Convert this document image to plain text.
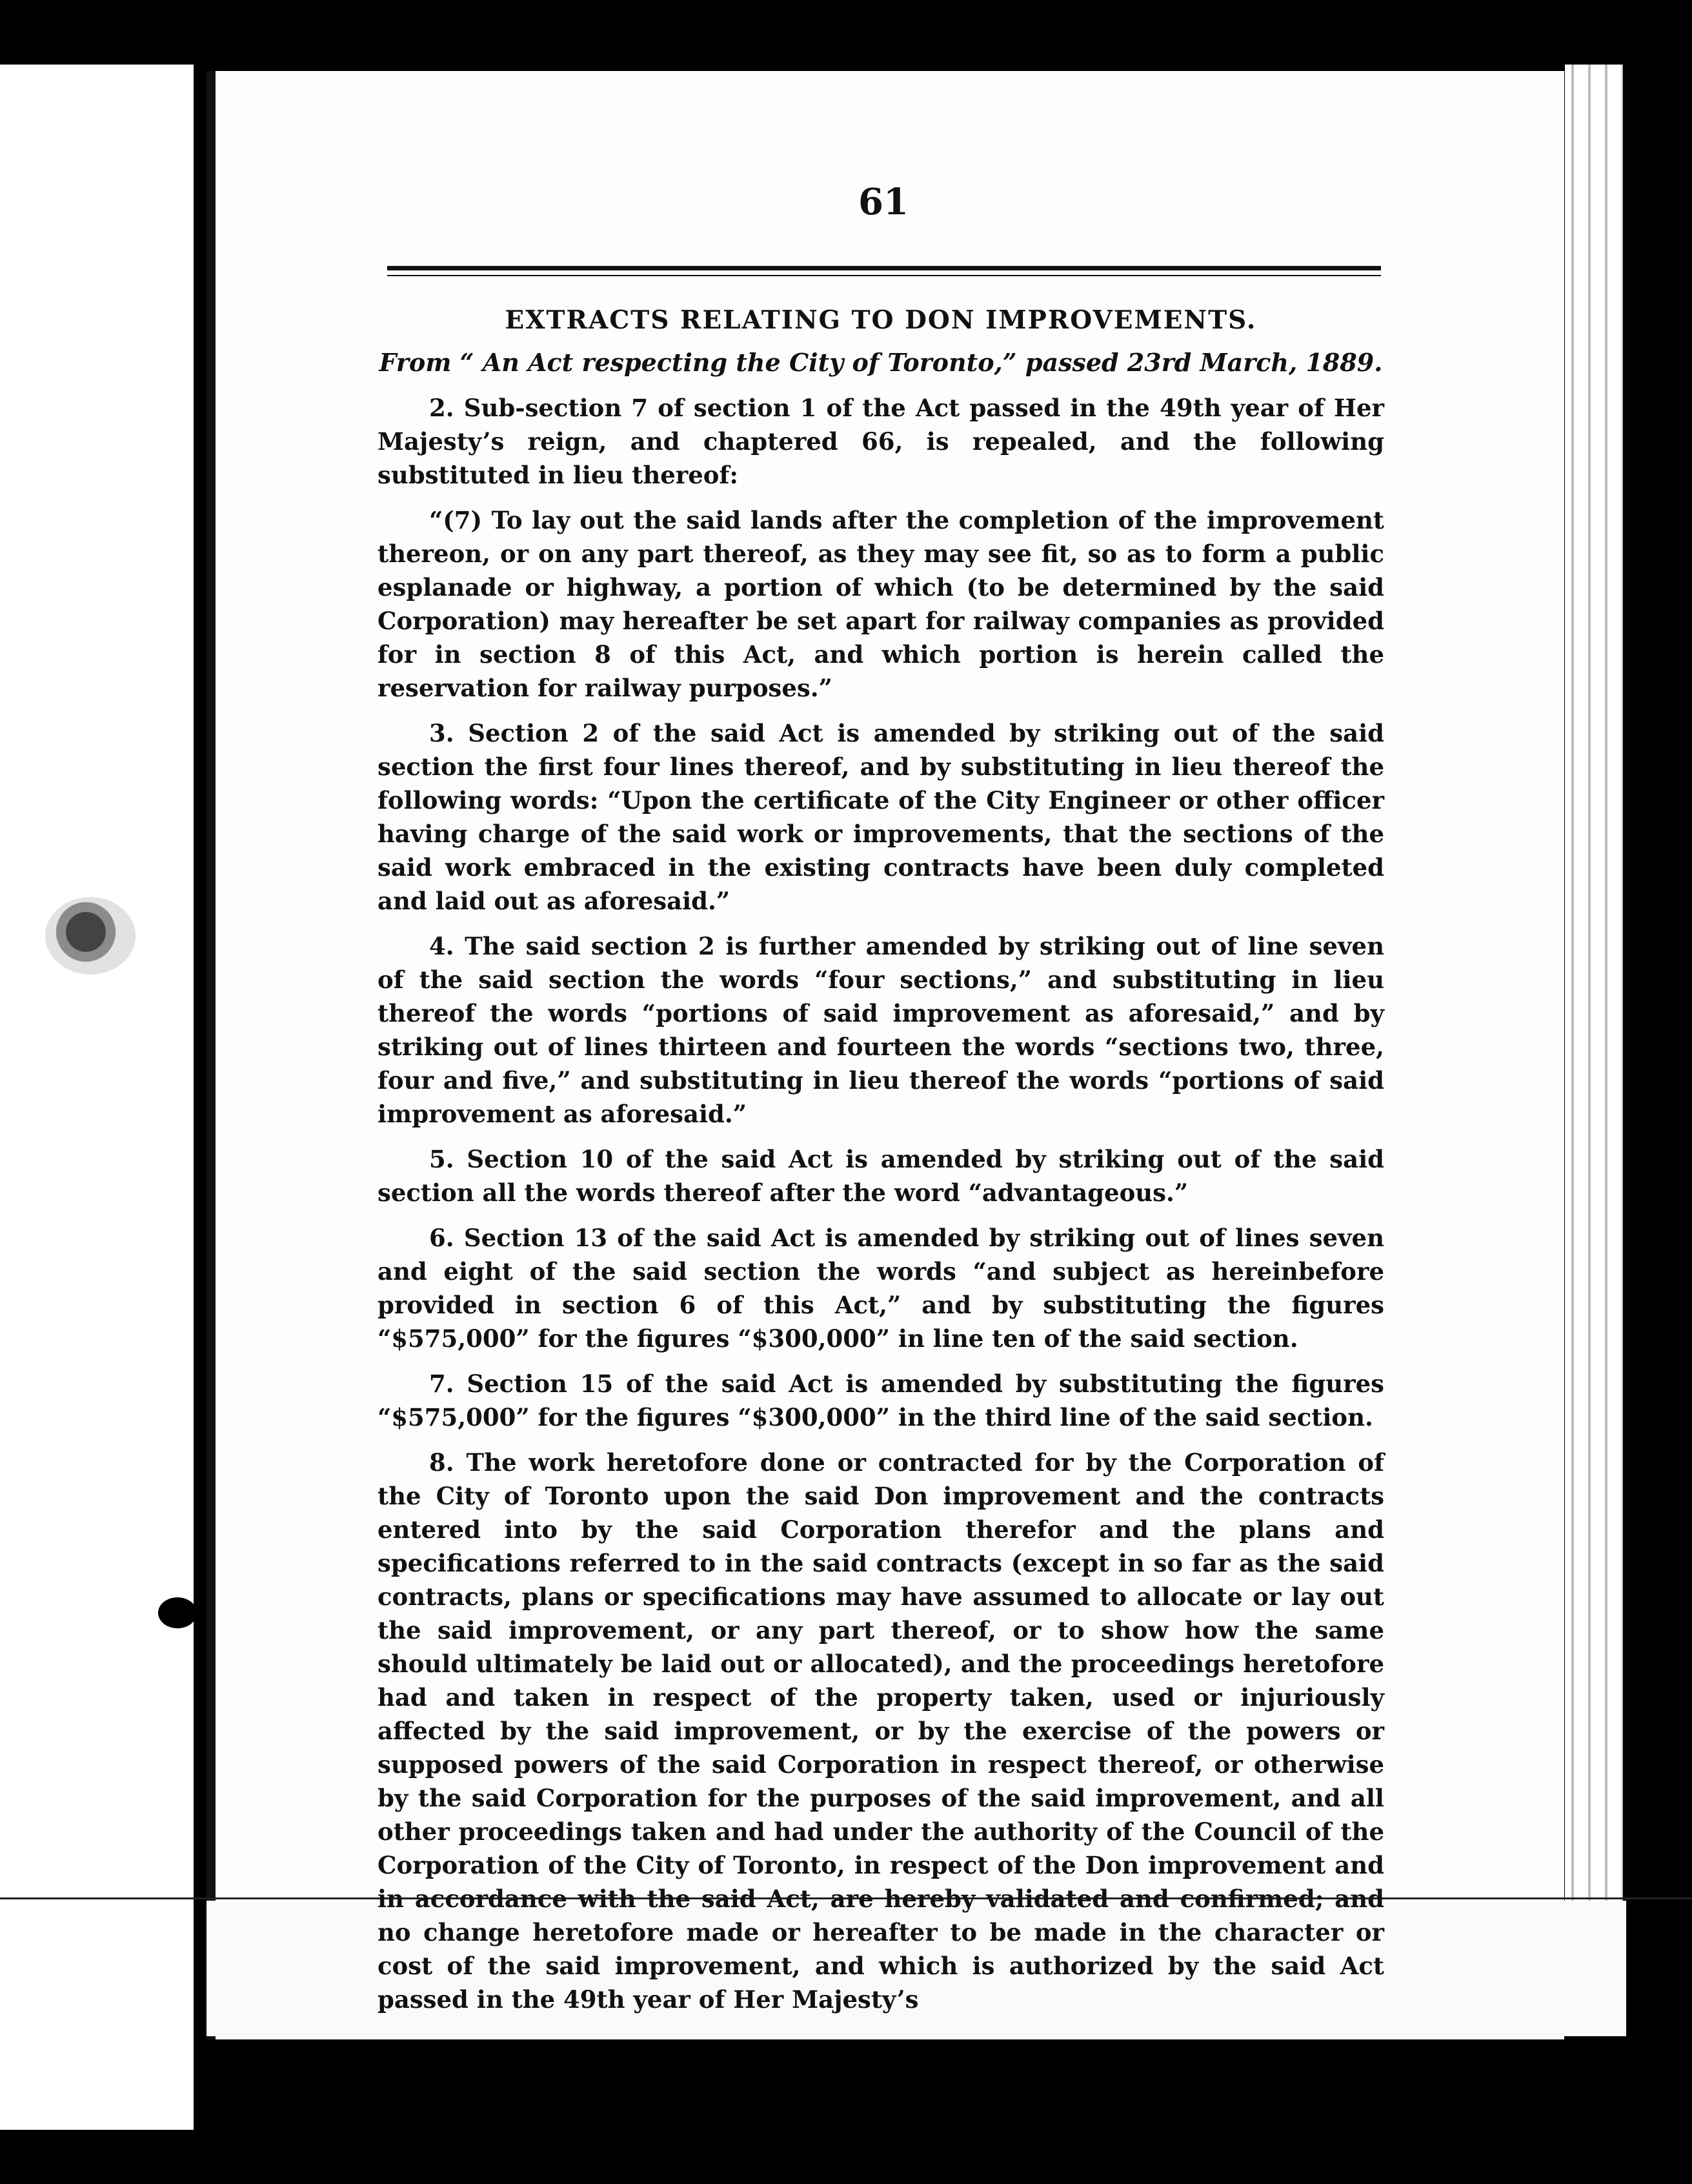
61
EXTRACTS RELATING TO DON IMPROVEMENTS.
From “ An Act respecting the City of Toronto,” passed 23rd March, 1889.

2. Sub-section 7 of section 1 of the Act passed in the 49th year of Her Majesty’s reign, and chaptered 66, is repealed, and the following substituted in lieu thereof:

“(7) To lay out the said lands after the completion of the improvement thereon, or on any part thereof, as they may see fit, so as to form a public esplanade or highway, a portion of which (to be determined by the said Corporation) may hereafter be set apart for railway companies as provided for in section 8 of this Act, and which portion is herein called the reservation for railway purposes.”

3. Section 2 of the said Act is amended by striking out of the said section the first four lines thereof, and by substituting in lieu thereof the following words: “Upon the certificate of the City Engineer or other officer having charge of the said work or improvements, that the sections of the said work embraced in the existing contracts have been duly completed and laid out as aforesaid.”

4. The said section 2 is further amended by striking out of line seven of the said section the words “four sections,” and substituting in lieu thereof the words “portions of said improvement as aforesaid,” and by striking out of lines thirteen and fourteen the words “sections two, three, four and five,” and substituting in lieu thereof the words “portions of said improvement as aforesaid.”

5. Section 10 of the said Act is amended by striking out of the said section all the words thereof after the word “advantageous.”

6. Section 13 of the said Act is amended by striking out of lines seven and eight of the said section the words “and subject as hereinbefore provided in section 6 of this Act,” and by substituting the figures “$575,000” for the figures “$300,000” in line ten of the said section.

7. Section 15 of the said Act is amended by substituting the figures “$575,000” for the figures “$300,000” in the third line of the said section.

8. The work heretofore done or contracted for by the Corporation of the City of Toronto upon the said Don improvement and the contracts entered into by the said Corporation therefor and the plans and specifications referred to in the said contracts (except in so far as the said contracts, plans or specifications may have assumed to allocate or lay out the said improvement, or any part thereof, or to show how the same should ultimately be laid out or allocated), and the proceedings heretofore had and taken in respect of the property taken, used or injuriously affected by the said improvement, or by the exercise of the powers or supposed powers of the said Corporation in respect thereof, or otherwise by the said Corporation for the purposes of the said improvement, and all other proceedings taken and had under the authority of the Council of the Corporation of the City of Toronto, in respect of the Don improvement and in accordance with the said Act, are hereby validated and confirmed; and no change heretofore made or hereafter to be made in the character or cost of the said improvement, and which is authorized by the said Act passed in the 49th year of Her Majesty’s
